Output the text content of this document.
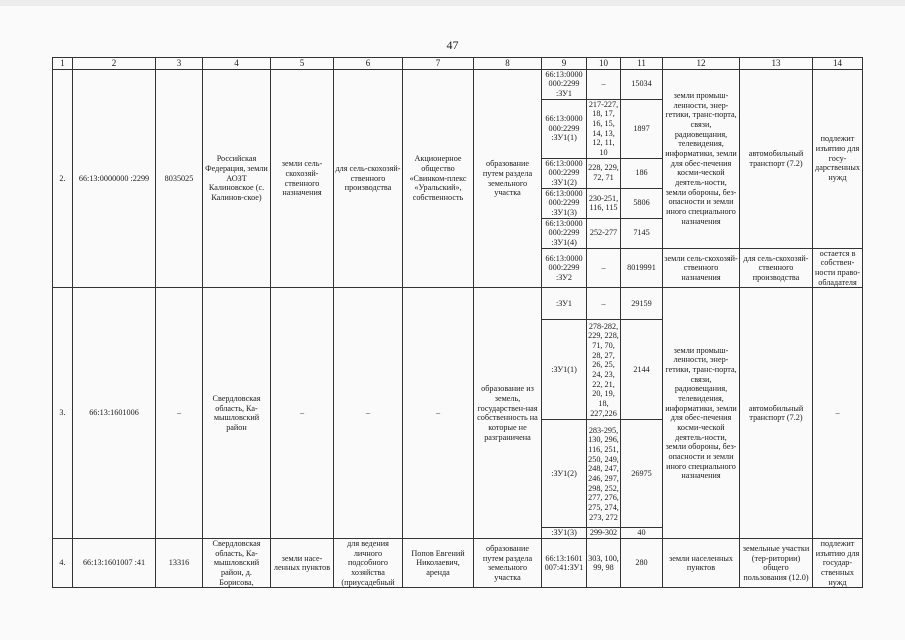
47
1	2	3	4	5	6	7	8	9	10	11	12	13	14
2.	66:13:0000000 :2299	8035025	Российская Федерация, земли АОЗТ Калиновское (с. Калинов-ское)	земли сель-скохозяй-ственного назначения	для сель-скохозяй-ственного производства	Акционерное общество «Свинком-плекс «Уральский», собственность	образование путем раздела земельного участка	66:13:0000 000:2299 :ЗУ1	–	15034	земли промыш-ленности, энер-гетики, транс-порта, связи, радиовещания, телевидения, информатики, земли для обес-печения косми-ческой деятель-ности, земли обороны, без-опасности и земли иного специального назначения	автомобильный транспорт (7.2)	подлежит изъятию для госу-дарственных нужд
								66:13:0000 000:2299 :ЗУ1(1)	217-227, 18, 17, 16, 15, 14, 13, 12, 11, 10	1897			
								66:13:0000 000:2299 :ЗУ1(2)	228, 229, 72, 71	186			
								66:13:0000 000:2299 :ЗУ1(3)	230-251, 116, 115	5806			
								66:13:0000 000:2299 :ЗУ1(4)	252-277	7145			
								66:13:0000 000:2299 :ЗУ2	–	8019991	земли сель-скохозяй-ственного назначения	для сель-скохозяй-ственного производства	остается в собствен-ности право-обладателя
3.	66:13:1601006	–	Свердловская область, Ка-мышловский район	–	–	–	образование из земель, государствен-ная собственность на которые не разграничена	:ЗУ1	–	29159	земли промыш-ленности, энер-гетики, транс-порта, связи, радиовещания, телевидения, информатики, земли для обес-печения косми-ческой деятель-ности, земли обороны, без-опасности и земли иного специального назначения	автомобильный транспорт (7.2)	–
								:ЗУ1(1)	278-282, 229, 228, 71, 70, 28, 27, 26, 25, 24, 23, 22, 21, 20, 19, 18, 227,226	2144			
								:ЗУ1(2)	283-295, 130, 296, 116, 251, 250, 249, 248, 247, 246, 297, 298, 252, 277, 276, 275, 274, 273, 272	26975			
								:ЗУ1(3)	299-302	40			
4.	66:13:1601007 :41	13316	Свердловская область, Ка-мышловский район, д. Борисова,	земли насе-ленных пунктов	для ведения личного подсобного хозяйства (приусадебный	Попов Евгений Николаевич, аренда	образование путем раздела земельного участка	66:13:1601 007:41:ЗУ1	303, 100, 99, 98	280	земли населенных пунктов	земельные участки (тер-ритории) общего пользования (12.0)	подлежит изъятию для государ-ственных нужд
